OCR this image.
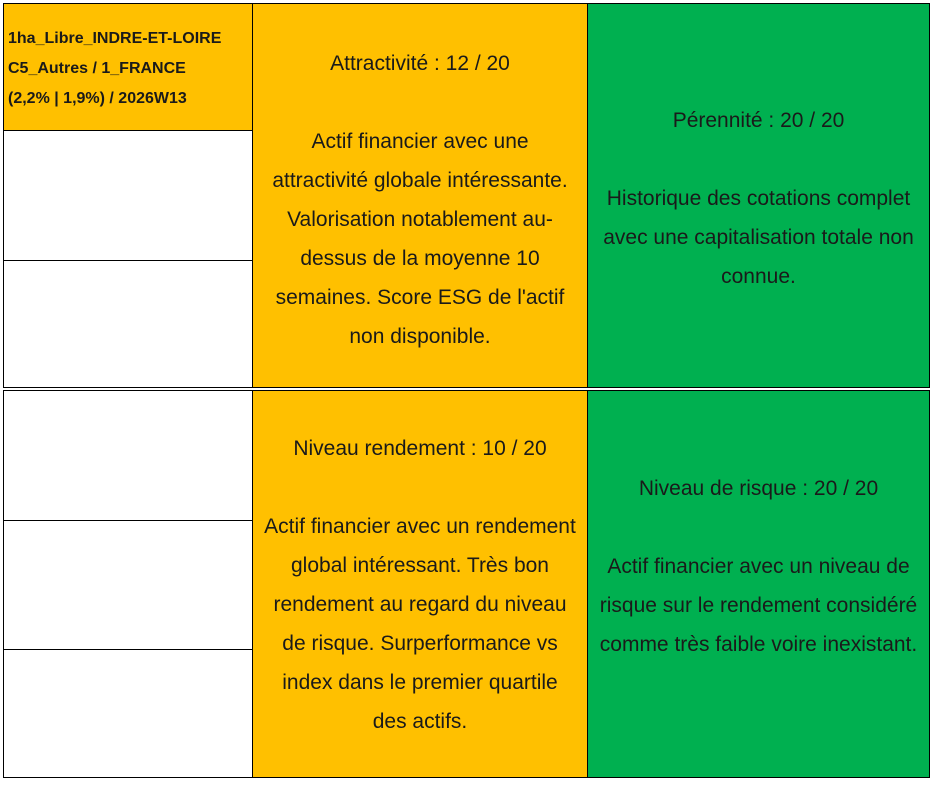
1ha_Libre_INDRE-ET-LOIRE
C5_Autres / 1_FRANCE
(2,2% | 1,9%) / 2026W13
Attractivité : 12 / 20
Actif financier avec une attractivité globale intéressante. Valorisation notablement au-dessus de la moyenne 10 semaines. Score ESG de l'actif non disponible.
Pérennité : 20 / 20
Historique des cotations complet avec une capitalisation totale non connue.
Niveau rendement : 10 / 20
Actif financier avec un rendement global intéressant. Très bon rendement au regard du niveau de risque. Surperformance vs index dans le premier quartile des actifs.
Niveau de risque : 20 / 20
Actif financier avec un niveau de risque sur le rendement considéré comme très faible voire inexistant.
